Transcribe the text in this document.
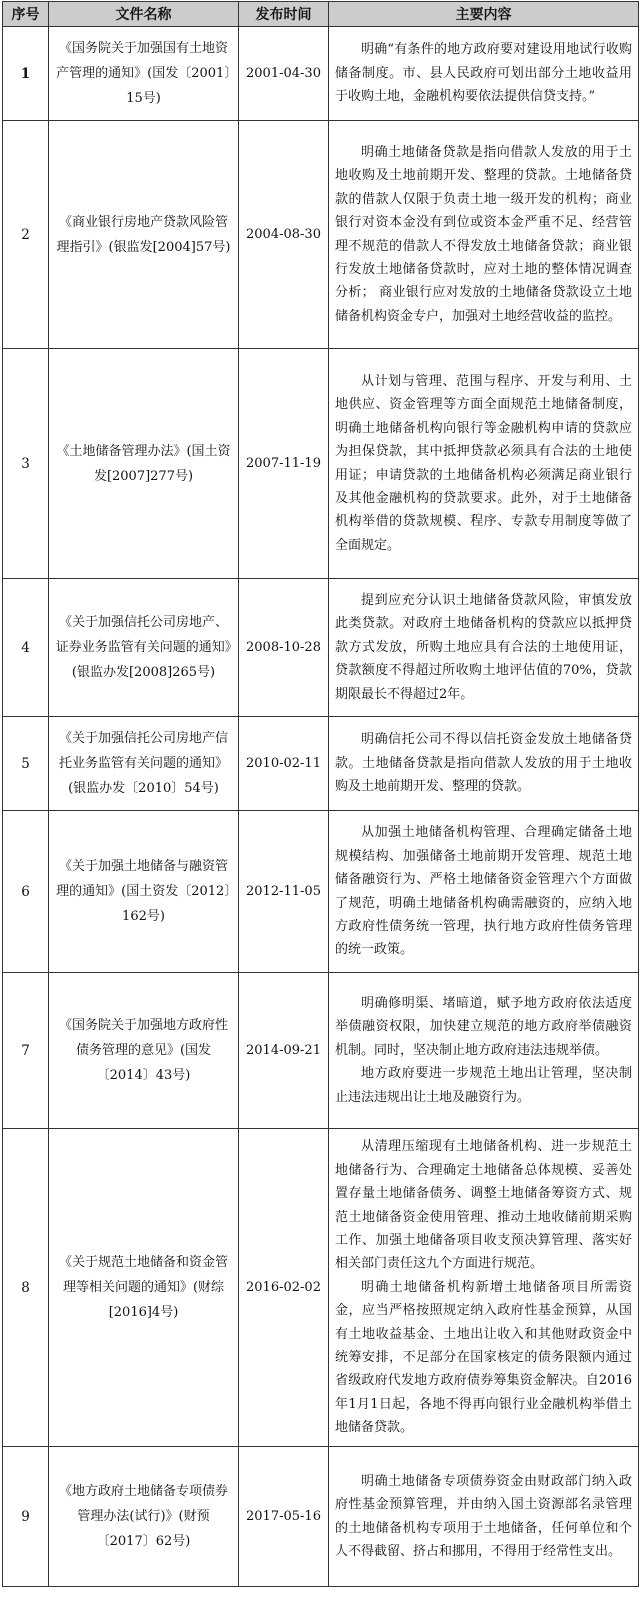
序号	文件名称	发布时间	主要内容
1	《国务院关于加强国有土地资产管理的通知》(国发〔2001〕15号)	2001-04-30	明确“有条件的地方政府要对建设用地试行收购储备制度。市、县人民政府可划出部分土地收益用于收购土地，金融机构要依法提供信贷支持。”

2	《商业银行房地产贷款风险管理指引》(银监发[2004]57号)	2004-08-30	明确土地储备贷款是指向借款人发放的用于土地收购及土地前期开发、整理的贷款。土地储备贷款的借款人仅限于负责土地一级开发的机构；商业银行对资本金没有到位或资本金严重不足、经营管理不规范的借款人不得发放土地储备贷款；商业银行发放土地储备贷款时，应对土地的整体情况调查分析； 商业银行应对发放的土地储备贷款设立土地储备机构资金专户，加强对土地经营收益的监控。

3	《土地储备管理办法》(国土资发[2007]277号)	2007-11-19	从计划与管理、范围与程序、开发与利用、土地供应、资金管理等方面全面规范土地储备制度，明确土地储备机构向银行等金融机构申请的贷款应为担保贷款，其中抵押贷款必须具有合法的土地使用证；申请贷款的土地储备机构必须满足商业银行及其他金融机构的贷款要求。此外，对于土地储备机构举借的贷款规模、程序、专款专用制度等做了全面规定。

4	《关于加强信托公司房地产、证券业务监管有关问题的通知》(银监办发[2008]265号)	2008-10-28	提到应充分认识土地储备贷款风险，审慎发放此类贷款。对政府土地储备机构的贷款应以抵押贷款方式发放，所购土地应具有合法的土地使用证，贷款额度不得超过所收购土地评估值的70%，贷款期限最长不得超过2年。

5	《关于加强信托公司房地产信托业务监管有关问题的通知》(银监办发〔2010〕54号)	2010-02-11	明确信托公司不得以信托资金发放土地储备贷款。土地储备贷款是指向借款人发放的用于土地收购及土地前期开发、整理的贷款。

6	《关于加强土地储备与融资管理的通知》(国土资发〔2012〕162号)	2012-11-05	从加强土地储备机构管理、合理确定储备土地规模结构、加强储备土地前期开发管理、规范土地储备融资行为、严格土地储备资金管理六个方面做了规范，明确土地储备机构确需融资的，应纳入地方政府性债务统一管理，执行地方政府性债务管理的统一政策。

7	《国务院关于加强地方政府性债务管理的意见》(国发〔2014〕43号)	2014-09-21	明确修明渠、堵暗道，赋予地方政府依法适度举债融资权限，加快建立规范的地方政府举债融资机制。同时，坚决制止地方政府违法违规举债。

地方政府要进一步规范土地出让管理，坚决制止违法违规出让土地及融资行为。

8	《关于规范土地储备和资金管理等相关问题的通知》(财综[2016]4号)	2016-02-02	从清理压缩现有土地储备机构、进一步规范土地储备行为、合理确定土地储备总体规模、妥善处置存量土地储备债务、调整土地储备筹资方式、规范土地储备资金使用管理、推动土地收储前期采购工作、加强土地储备项目收支预决算管理、落实好相关部门责任这九个方面进行规范。

明确土地储备机构新增土地储备项目所需资金，应当严格按照规定纳入政府性基金预算，从国有土地收益基金、土地出让收入和其他财政资金中统筹安排，不足部分在国家核定的债务限额内通过省级政府代发地方政府债券筹集资金解决。自2016年1月1日起，各地不得再向银行业金融机构举借土地储备贷款。

9	《地方政府土地储备专项债券管理办法(试行)》(财预〔2017〕62号)	2017-05-16	明确土地储备专项债券资金由财政部门纳入政府性基金预算管理，并由纳入国土资源部名录管理的土地储备机构专项用于土地储备，任何单位和个人不得截留、挤占和挪用，不得用于经常性支出。
